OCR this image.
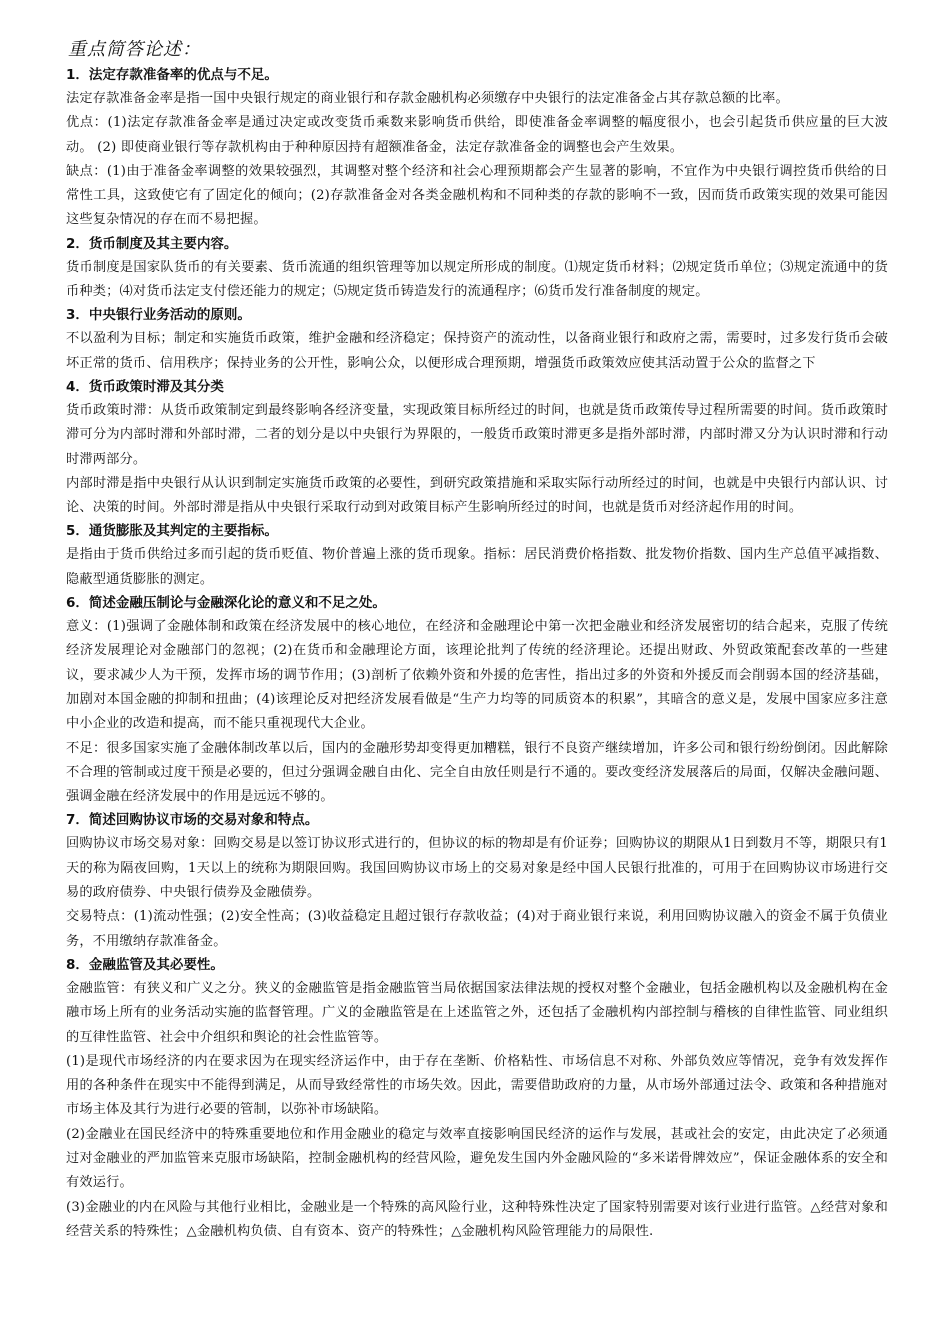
重点简答论述：
1．法定存款准备率的优点与不足。

法定存款准备金率是指一国中央银行规定的商业银行和存款金融机构必须缴存中央银行的法定准备金占其存款总额的比率。

优点：(1)法定存款准备金率是通过决定或改变货币乘数来影响货币供给，即使准备金率调整的幅度很小，也会引起货币供应量的巨大波动。 (2) 即使商业银行等存款机构由于种种原因持有超额准备金，法定存款准备金的调整也会产生效果。

缺点：(1)由于准备金率调整的效果较强烈，其调整对整个经济和社会心理预期都会产生显著的影响，不宜作为中央银行调控货币供给的日常性工具，这致使它有了固定化的倾向；(2)存款准备金对各类金融机构和不同种类的存款的影响不一致，因而货币政策实现的效果可能因这些复杂情况的存在而不易把握。

2．货币制度及其主要内容。

货币制度是国家队货币的有关要素、货币流通的组织管理等加以规定所形成的制度。⑴规定货币材料；⑵规定货币单位；⑶规定流通中的货币种类；⑷对货币法定支付偿还能力的规定；⑸规定货币铸造发行的流通程序；⑹货币发行准备制度的规定。

3．中央银行业务活动的原则。

不以盈利为目标；制定和实施货币政策，维护金融和经济稳定；保持资产的流动性，以备商业银行和政府之需，需要时，过多发行货币会破坏正常的货币、信用秩序；保持业务的公开性，影响公众，以便形成合理预期，增强货币政策效应使其活动置于公众的监督之下

4．货币政策时滞及其分类

货币政策时滞：从货币政策制定到最终影响各经济变量，实现政策目标所经过的时间，也就是货币政策传导过程所需要的时间。货币政策时滞可分为内部时滞和外部时滞，二者的划分是以中央银行为界限的，一般货币政策时滞更多是指外部时滞，内部时滞又分为认识时滞和行动时滞两部分。

内部时滞是指中央银行从认识到制定实施货币政策的必要性，到研究政策措施和采取实际行动所经过的时间，也就是中央银行内部认识、讨论、决策的时间。外部时滞是指从中央银行采取行动到对政策目标产生影响所经过的时间，也就是货币对经济起作用的时间。

5．通货膨胀及其判定的主要指标。

是指由于货币供给过多而引起的货币贬值、物价普遍上涨的货币现象。指标：居民消费价格指数、批发物价指数、国内生产总值平减指数、隐蔽型通货膨胀的测定。

6．简述金融压制论与金融深化论的意义和不足之处。

意义：(1)强调了金融体制和政策在经济发展中的核心地位，在经济和金融理论中第一次把金融业和经济发展密切的结合起来，克服了传统经济发展理论对金融部门的忽视；(2)在货币和金融理论方面，该理论批判了传统的经济理论。还提出财政、外贸政策配套改革的一些建议，要求减少人为干预，发挥市场的调节作用；(3)剖析了依赖外资和外援的危害性，指出过多的外资和外援反而会削弱本国的经济基础，加剧对本国金融的抑制和扭曲；(4)该理论反对把经济发展看做是“生产力均等的同质资本的积累”，其暗含的意义是，发展中国家应多注意中小企业的改造和提高，而不能只重视现代大企业。

不足：很多国家实施了金融体制改革以后，国内的金融形势却变得更加糟糕，银行不良资产继续增加，许多公司和银行纷纷倒闭。因此解除不合理的管制或过度干预是必要的，但过分强调金融自由化、完全自由放任则是行不通的。要改变经济发展落后的局面，仅解决金融问题、强调金融在经济发展中的作用是远远不够的。

7．简述回购协议市场的交易对象和特点。

回购协议市场交易对象：回购交易是以签订协议形式进行的，但协议的标的物却是有价证券；回购协议的期限从1日到数月不等，期限只有1天的称为隔夜回购，1天以上的统称为期限回购。我国回购协议市场上的交易对象是经中国人民银行批准的，可用于在回购协议市场进行交易的政府债券、中央银行债券及金融债券。

交易特点：(1)流动性强；(2)安全性高；(3)收益稳定且超过银行存款收益；(4)对于商业银行来说，利用回购协议融入的资金不属于负债业务，不用缴纳存款准备金。

8．金融监管及其必要性。

金融监管：有狭义和广义之分。狭义的金融监管是指金融监管当局依据国家法律法规的授权对整个金融业，包括金融机构以及金融机构在金融市场上所有的业务活动实施的监督管理。广义的金融监管是在上述监管之外，还包括了金融机构内部控制与稽核的自律性监管、同业组织的互律性监管、社会中介组织和舆论的社会性监管等。

(1)是现代市场经济的内在要求因为在现实经济运作中，由于存在垄断、价格粘性、市场信息不对称、外部负效应等情况，竞争有效发挥作用的各种条件在现实中不能得到满足，从而导致经常性的市场失效。因此，需要借助政府的力量，从市场外部通过法令、政策和各种措施对市场主体及其行为进行必要的管制，以弥补市场缺陷。

(2)金融业在国民经济中的特殊重要地位和作用金融业的稳定与效率直接影响国民经济的运作与发展，甚或社会的安定，由此决定了必须通过对金融业的严加监管来克服市场缺陷，控制金融机构的经营风险，避免发生国内外金融风险的“多米诺骨牌效应”，保证金融体系的安全和有效运行。

(3)金融业的内在风险与其他行业相比，金融业是一个特殊的高风险行业，这种特殊性决定了国家特别需要对该行业进行监管。△经营对象和经营关系的特殊性；△金融机构负债、自有资本、资产的特殊性；△金融机构风险管理能力的局限性.
